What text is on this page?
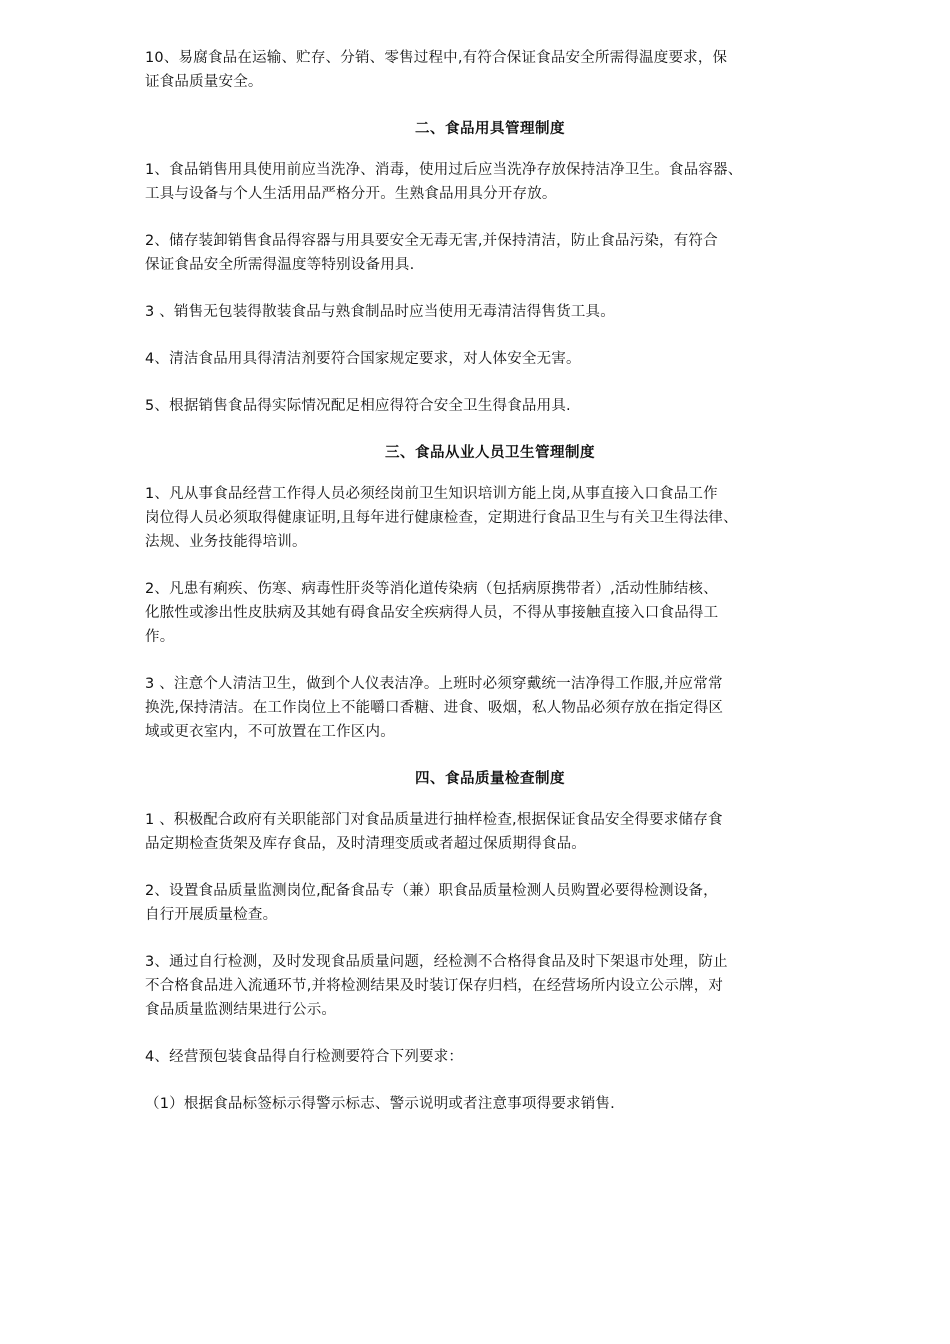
10、易腐食品在运输、贮存、分销、零售过程中,有符合保证食品安全所需得温度要求，保
证食品质量安全。

二、食品用具管理制度

1、食品销售用具使用前应当洗净、消毒，使用过后应当洗净存放保持洁净卫生。食品容器、
工具与设备与个人生活用品严格分开。生熟食品用具分开存放。

2、储存装卸销售食品得容器与用具要安全无毒无害,并保持清洁，防止食品污染，有符合
保证食品安全所需得温度等特别设备用具.

3 、销售无包装得散装食品与熟食制品时应当使用无毒清洁得售货工具。

4、清洁食品用具得清洁剂要符合国家规定要求，对人体安全无害。

5、根据销售食品得实际情况配足相应得符合安全卫生得食品用具.

三、食品从业人员卫生管理制度

1、凡从事食品经营工作得人员必须经岗前卫生知识培训方能上岗,从事直接入口食品工作
岗位得人员必须取得健康证明,且每年进行健康检查，定期进行食品卫生与有关卫生得法律、
法规、业务技能得培训。

2、凡患有痢疾、伤寒、病毒性肝炎等消化道传染病（包括病原携带者）,活动性肺结核、
化脓性或渗出性皮肤病及其她有碍食品安全疾病得人员，不得从事接触直接入口食品得工
作。

3 、注意个人清洁卫生，做到个人仪表洁净。上班时必须穿戴统一洁净得工作服,并应常常
换洗,保持清洁。在工作岗位上不能嚼口香糖、进食、吸烟，私人物品必须存放在指定得区
域或更衣室内，不可放置在工作区内。

四、食品质量检查制度

1 、积极配合政府有关职能部门对食品质量进行抽样检查,根据保证食品安全得要求储存食
品定期检查货架及库存食品，及时清理变质或者超过保质期得食品。

2、设置食品质量监测岗位,配备食品专（兼）职食品质量检测人员购置必要得检测设备，
自行开展质量检查。

3、通过自行检测，及时发现食品质量问题，经检测不合格得食品及时下架退市处理，防止
不合格食品进入流通环节,并将检测结果及时装订保存归档，在经营场所内设立公示牌，对
食品质量监测结果进行公示。

4、经营预包装食品得自行检测要符合下列要求：

（1）根据食品标签标示得警示标志、警示说明或者注意事项得要求销售.
